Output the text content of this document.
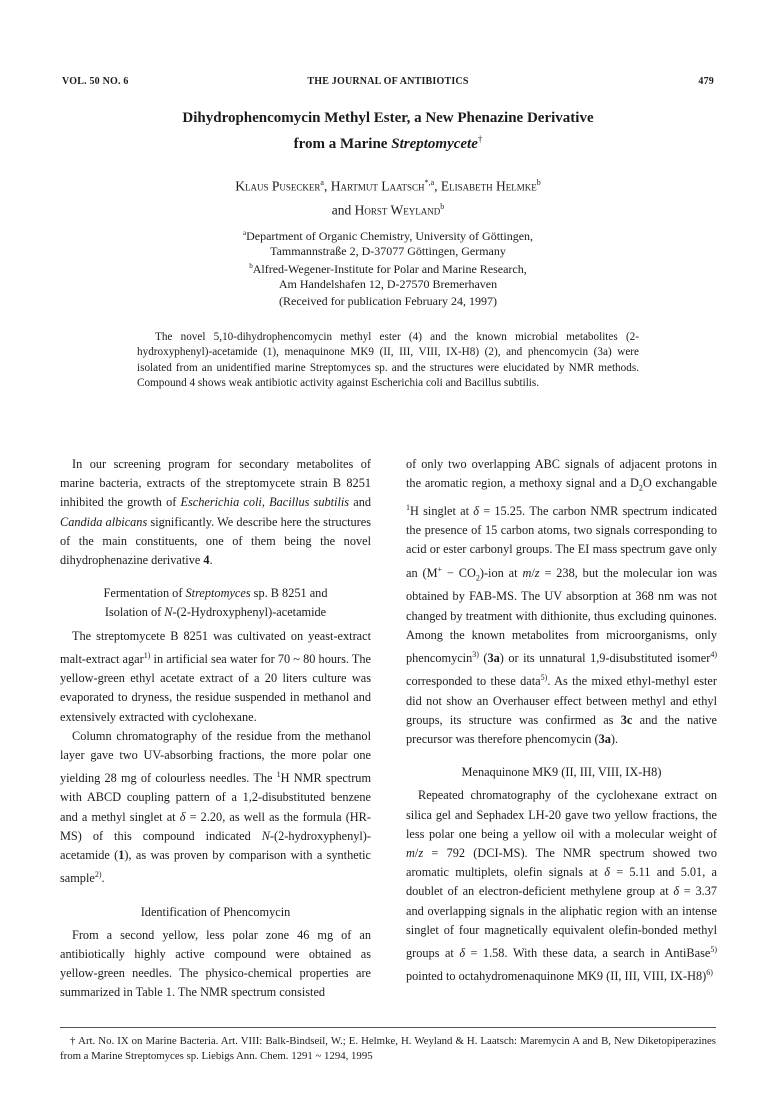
VOL. 50 NO. 6	THE JOURNAL OF ANTIBIOTICS	479
Dihydrophencomycin Methyl Ester, a New Phenazine Derivative
from a Marine Streptomycete†
Klaus Pusecker$^a$, Hartmut Laatsch$^{*,a}$, Elisabeth Helmke$^b$
and Horst Weyland$^b$
$^a$Department of Organic Chemistry, University of Göttingen,
Tammannstraße 2, D-37077 Göttingen, Germany
$^b$Alfred-Wegener-Institute for Polar and Marine Research,
Am Handelshafen 12, D-27570 Bremerhaven
(Received for publication February 24, 1997)

The novel 5,10-dihydrophencomycin methyl ester (4) and the known microbial metabolites (2-hydroxyphenyl)-acetamide (1), menaquinone MK9 (II, III, VIII, IX-H8) (2), and phencomycin (3a) were isolated from an unidentified marine Streptomyces sp. and the structures were elucidated by NMR methods. Compound 4 shows weak antibiotic activity against Escherichia coli and Bacillus subtilis.

In our screening program for secondary metabolites of marine bacteria, extracts of the streptomycete strain B 8251 inhibited the growth of Escherichia coli, Bacillus subtilis and Candida albicans significantly. We describe here the structures of the main constituents, one of them being the novel dihydrophenazine derivative 4.

Fermentation of Streptomyces sp. B 8251 and
Isolation of N-(2-Hydroxyphenyl)-acetamide

The streptomycete B 8251 was cultivated on yeast-extract malt-extract agar$^{1)}$ in artificial sea water for 70 ~ 80 hours. The yellow-green ethyl acetate extract of a 20 liters culture was evaporated to dryness, the residue suspended in methanol and extensively extracted with cyclohexane.

Column chromatography of the residue from the methanol layer gave two UV-absorbing fractions, the more polar one yielding 28 mg of colourless needles. The $^1$H NMR spectrum with ABCD coupling pattern of a 1,2-disubstituted benzene and a methyl singlet at δ = 2.20, as well as the formula (HR-MS) of this compound indicated N-(2-hydroxyphenyl)-acetamide (1), as was proven by comparison with a synthetic sample$^{2)}$.

Identification of Phencomycin

From a second yellow, less polar zone 46 mg of an antibiotically highly active compound were obtained as yellow-green needles. The physico-chemical properties are summarized in Table 1. The NMR spectrum consisted

of only two overlapping ABC signals of adjacent protons in the aromatic region, a methoxy signal and a $D_2O$ exchangable $^1$H singlet at δ = 15.25. The carbon NMR spectrum indicated the presence of 15 carbon atoms, two signals corresponding to acid or ester carbonyl groups. The EI mass spectrum gave only an $(M^+ - CO_2)$-ion at m/z = 238, but the molecular ion was obtained by FAB-MS. The UV absorption at 368 nm was not changed by treatment with dithionite, thus excluding quinones. Among the known metabolites from microorganisms, only phencomycin$^{3)}$ (3a) or its unnatural 1,9-disubstituted isomer$^{4)}$ corresponded to these data$^{5)}$. As the mixed ethyl-methyl ester did not show an Overhauser effect between methyl and ethyl groups, its structure was confirmed as 3c and the native precursor was therefore phencomycin (3a).

Menaquinone MK9 (II, III, VIII, IX-H8)

Repeated chromatography of the cyclohexane extract on silica gel and Sephadex LH-20 gave two yellow fractions, the less polar one being a yellow oil with a molecular weight of m/z = 792 (DCI-MS). The NMR spectrum showed two aromatic multiplets, olefin signals at δ = 5.11 and 5.01, a doublet of an electron-deficient methylene group at δ = 3.37 and overlapping signals in the aliphatic region with an intense singlet of four magnetically equivalent olefin-bonded methyl groups at δ = 1.58. With these data, a search in AntiBase$^{5)}$ pointed to octahydromenaquinone MK9 (II, III, VIII, IX-H8)$^{6)}$

† Art. No. IX on Marine Bacteria. Art. VIII: Balk-Bindseil, W.; E. Helmke, H. Weyland & H. Laatsch: Maremycin A and B, New Diketopiperazines from a Marine Streptomyces sp. Liebigs Ann. Chem. 1291 ~ 1294, 1995
